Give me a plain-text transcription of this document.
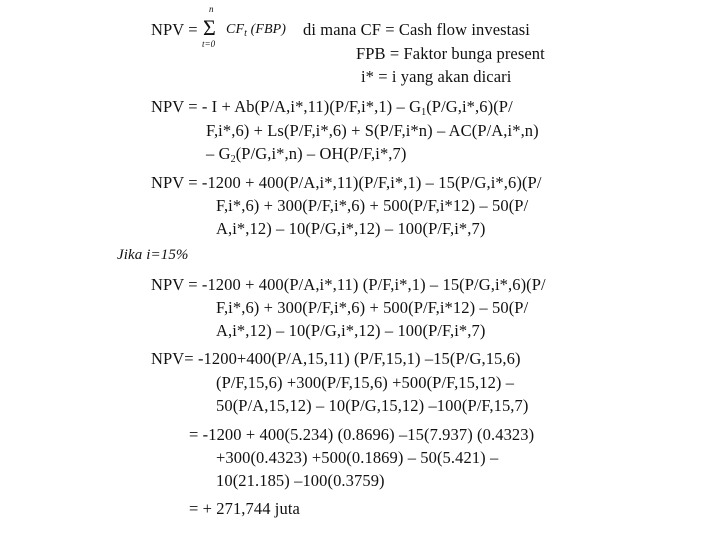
NPV =
n
Σ
t=0
$CF_t$ (FBP) di mana CF = Cash flow investasi
FPB = Faktor bunga present
i* = i yang akan dicari
NPV = - I + Ab(P/A,i*,11)(P/F,i*,1) – G1(P/G,i*,6)(P/
F,i*,6) + Ls(P/F,i*,6) + S(P/F,i*n) – AC(P/A,i*,n)
– G2(P/G,i*,n) – OH(P/F,i*,7)
NPV = -1200 + 400(P/A,i*,11)(P/F,i*,1) – 15(P/G,i*,6)(P/
F,i*,6) + 300(P/F,i*,6) + 500(P/F,i*12) – 50(P/
A,i*,12) – 10(P/G,i*,12) – 100(P/F,i*,7)
Jika i=15%
NPV = -1200 + 400(P/A,i*,11) (P/F,i*,1) – 15(P/G,i*,6)(P/
F,i*,6) + 300(P/F,i*,6) + 500(P/F,i*12) – 50(P/
A,i*,12) – 10(P/G,i*,12) – 100(P/F,i*,7)
NPV= -1200+400(P/A,15,11) (P/F,15,1) –15(P/G,15,6)
(P/F,15,6) +300(P/F,15,6) +500(P/F,15,12) –
50(P/A,15,12) – 10(P/G,15,12) –100(P/F,15,7)
= -1200 + 400(5.234) (0.8696) –15(7.937) (0.4323)
+300(0.4323) +500(0.1869) – 50(5.421) –
10(21.185) –100(0.3759)
= + 271,744 juta
